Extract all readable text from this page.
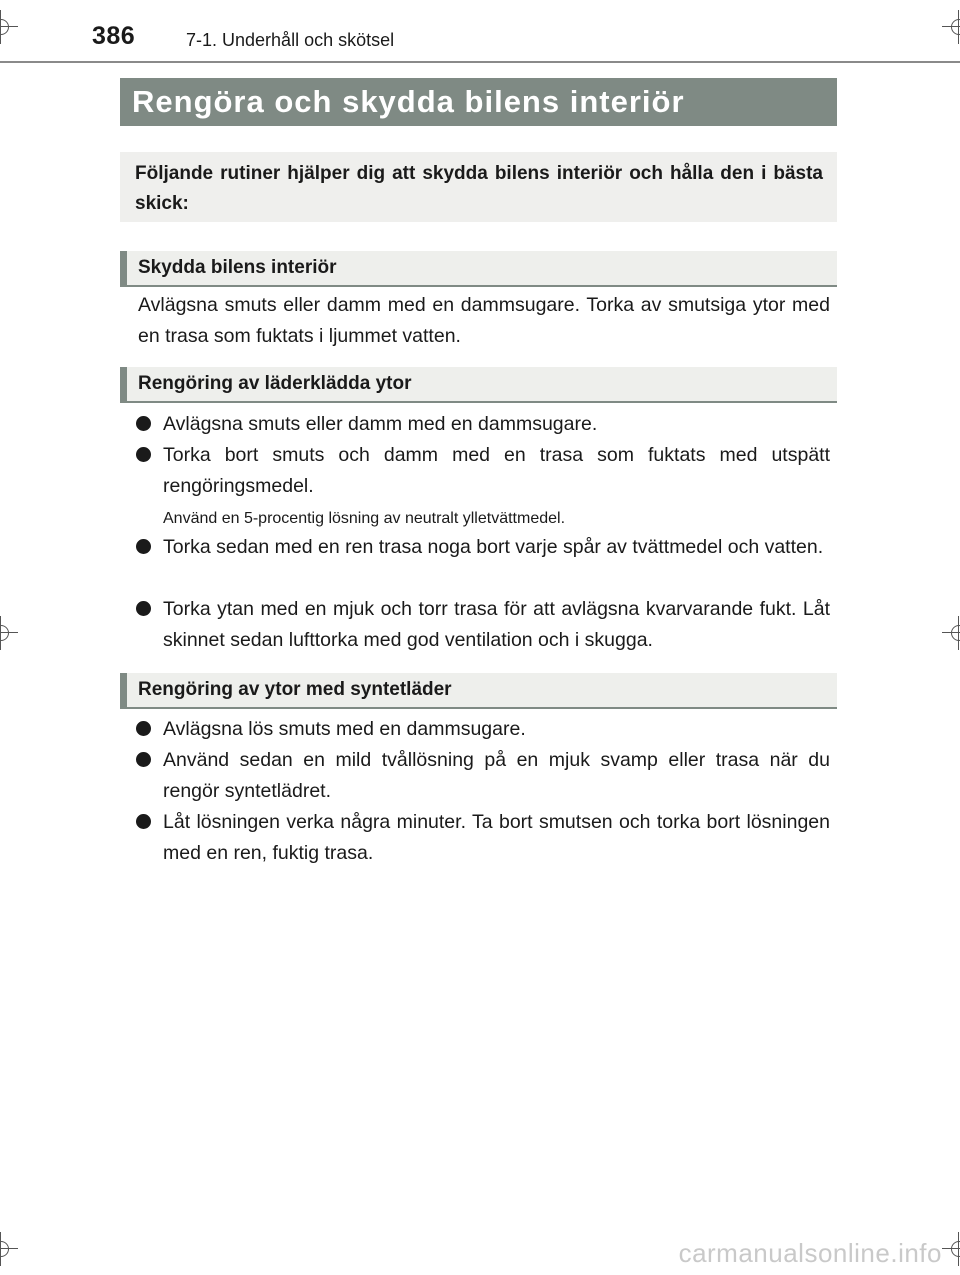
386	7-1. Underhåll och skötsel
Rengöra och skydda bilens interiör

Följande rutiner hjälper dig att skydda bilens interiör och hålla den i bästa skick:

Skydda bilens interiör

Avlägsna smuts eller damm med en dammsugare. Torka av smutsiga ytor med en trasa som fuktats i ljummet vatten.

Rengöring av läderklädda ytor

Avlägsna smuts eller damm med en dammsugare.

Torka bort smuts och damm med en trasa som fuktats med utspätt rengöringsmedel.

Använd en 5-procentig lösning av neutralt ylletvättmedel.

Torka sedan med en ren trasa noga bort varje spår av tvättmedel och vatten.

Torka ytan med en mjuk och torr trasa för att avlägsna kvarvarande fukt. Låt skinnet sedan lufttorka med god ventilation och i skugga.

Rengöring av ytor med syntetläder

Avlägsna lös smuts med en dammsugare.

Använd sedan en mild tvållösning på en mjuk svamp eller trasa när du rengör syntetlädret.

Låt lösningen verka några minuter. Ta bort smutsen och torka bort lösningen med en ren, fuktig trasa.

carmanualsonline.info
